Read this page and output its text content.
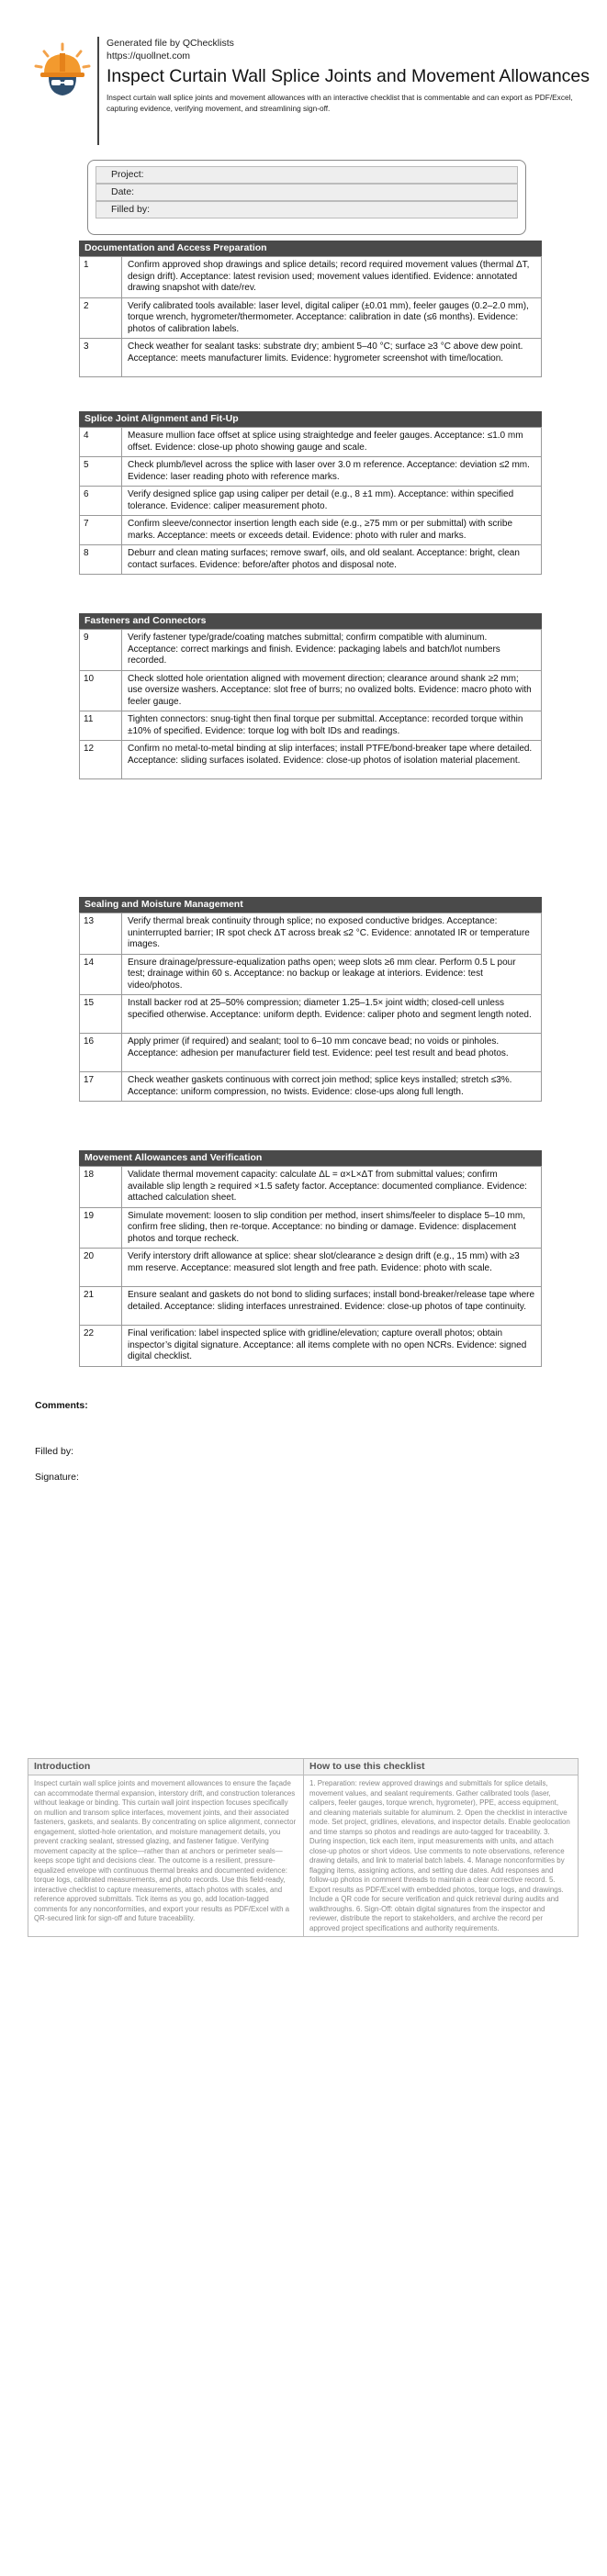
Generated file by QChecklists
https://quollnet.com
Inspect Curtain Wall Splice Joints and Movement Allowances
Inspect curtain wall splice joints and movement allowances with an interactive checklist that is commentable and can export as PDF/Excel, capturing evidence, verifying movement, and streamlining sign-off.
Project:
Date:
Filled by:
Documentation and Access Preparation
1	Confirm approved shop drawings and splice details; record required movement values (thermal ΔT, design drift). Acceptance: latest revision used; movement values identified. Evidence: annotated drawing snapshot with date/rev.
2	Verify calibrated tools available: laser level, digital caliper (±0.01 mm), feeler gauges (0.2–2.0 mm), torque wrench, hygrometer/thermometer. Acceptance: calibration in date (≤6 months). Evidence: photos of calibration labels.
3	Check weather for sealant tasks: substrate dry; ambient 5–40 °C; surface ≥3 °C above dew point. Acceptance: meets manufacturer limits. Evidence: hygrometer screenshot with time/location.
Splice Joint Alignment and Fit-Up
4	Measure mullion face offset at splice using straightedge and feeler gauges. Acceptance: ≤1.0 mm offset. Evidence: close-up photo showing gauge and scale.
5	Check plumb/level across the splice with laser over 3.0 m reference. Acceptance: deviation ≤2 mm. Evidence: laser reading photo with reference marks.
6	Verify designed splice gap using caliper per detail (e.g., 8 ±1 mm). Acceptance: within specified tolerance. Evidence: caliper measurement photo.
7	Confirm sleeve/connector insertion length each side (e.g., ≥75 mm or per submittal) with scribe marks. Acceptance: meets or exceeds detail. Evidence: photo with ruler and marks.
8	Deburr and clean mating surfaces; remove swarf, oils, and old sealant. Acceptance: bright, clean contact surfaces. Evidence: before/after photos and disposal note.
Fasteners and Connectors
9	Verify fastener type/grade/coating matches submittal; confirm compatible with aluminum. Acceptance: correct markings and finish. Evidence: packaging labels and batch/lot numbers recorded.
10	Check slotted hole orientation aligned with movement direction; clearance around shank ≥2 mm; use oversize washers. Acceptance: slot free of burrs; no ovalized bolts. Evidence: macro photo with feeler gauge.
11	Tighten connectors: snug-tight then final torque per submittal. Acceptance: recorded torque within ±10% of specified. Evidence: torque log with bolt IDs and readings.
12	Confirm no metal-to-metal binding at slip interfaces; install PTFE/bond-breaker tape where detailed. Acceptance: sliding surfaces isolated. Evidence: close-up photos of isolation material placement.
Sealing and Moisture Management
13	Verify thermal break continuity through splice; no exposed conductive bridges. Acceptance: uninterrupted barrier; IR spot check ΔT across break ≤2 °C. Evidence: annotated IR or temperature images.
14	Ensure drainage/pressure-equalization paths open; weep slots ≥6 mm clear. Perform 0.5 L pour test; drainage within 60 s. Acceptance: no backup or leakage at interiors. Evidence: test video/photos.
15	Install backer rod at 25–50% compression; diameter 1.25–1.5× joint width; closed-cell unless specified otherwise. Acceptance: uniform depth. Evidence: caliper photo and segment length noted.
16	Apply primer (if required) and sealant; tool to 6–10 mm concave bead; no voids or pinholes. Acceptance: adhesion per manufacturer field test. Evidence: peel test result and bead photos.
17	Check weather gaskets continuous with correct join method; splice keys installed; stretch ≤3%. Acceptance: uniform compression, no twists. Evidence: close-ups along full length.
Movement Allowances and Verification
18	Validate thermal movement capacity: calculate ΔL = α×L×ΔT from submittal values; confirm available slip length ≥ required ×1.5 safety factor. Acceptance: documented compliance. Evidence: attached calculation sheet.
19	Simulate movement: loosen to slip condition per method, insert shims/feeler to displace 5–10 mm, confirm free sliding, then re-torque. Acceptance: no binding or damage. Evidence: displacement photos and torque recheck.
20	Verify interstory drift allowance at splice: shear slot/clearance ≥ design drift (e.g., 15 mm) with ≥3 mm reserve. Acceptance: measured slot length and free path. Evidence: photo with scale.
21	Ensure sealant and gaskets do not bond to sliding surfaces; install bond-breaker/release tape where detailed. Acceptance: sliding interfaces unrestrained. Evidence: close-up photos of tape continuity.
22	Final verification: label inspected splice with gridline/elevation; capture overall photos; obtain inspector’s digital signature. Acceptance: all items complete with no open NCRs. Evidence: signed digital checklist.
Comments:
Filled by:
Signature:
Introduction
Inspect curtain wall splice joints and movement allowances to ensure the façade can accommodate thermal expansion, interstory drift, and construction tolerances without leakage or binding. This curtain wall joint inspection focuses specifically on mullion and transom splice interfaces, movement joints, and their associated fasteners, gaskets, and sealants. By concentrating on splice alignment, connector engagement, slotted-hole orientation, and moisture management details, you prevent cracking sealant, stressed glazing, and fastener fatigue. Verifying movement capacity at the splice—rather than at anchors or perimeter seals—keeps scope tight and decisions clear. The outcome is a resilient, pressure-equalized envelope with continuous thermal breaks and documented evidence: torque logs, calibrated measurements, and photo records. Use this field-ready, interactive checklist to capture measurements, attach photos with scales, and reference approved submittals. Tick items as you go, add location-tagged comments for any nonconformities, and export your results as PDF/Excel with a QR-secured link for sign-off and future traceability.
How to use this checklist
1. Preparation: review approved drawings and submittals for splice details, movement values, and sealant requirements. Gather calibrated tools (laser, calipers, feeler gauges, torque wrench, hygrometer), PPE, access equipment, and cleaning materials suitable for aluminum. 2. Open the checklist in interactive mode. Set project, gridlines, elevations, and inspector details. Enable geolocation and time stamps so photos and readings are auto-tagged for traceability. 3. During inspection, tick each item, input measurements with units, and attach close-up photos or short videos. Use comments to note observations, reference drawing details, and link to material batch labels. 4. Manage nonconformities by flagging items, assigning actions, and setting due dates. Add responses and follow-up photos in comment threads to maintain a clear corrective record. 5. Export results as PDF/Excel with embedded photos, torque logs, and drawings. Include a QR code for secure verification and quick retrieval during audits and walkthroughs. 6. Sign-Off: obtain digital signatures from the inspector and reviewer, distribute the report to stakeholders, and archive the record per approved project specifications and authority requirements.
